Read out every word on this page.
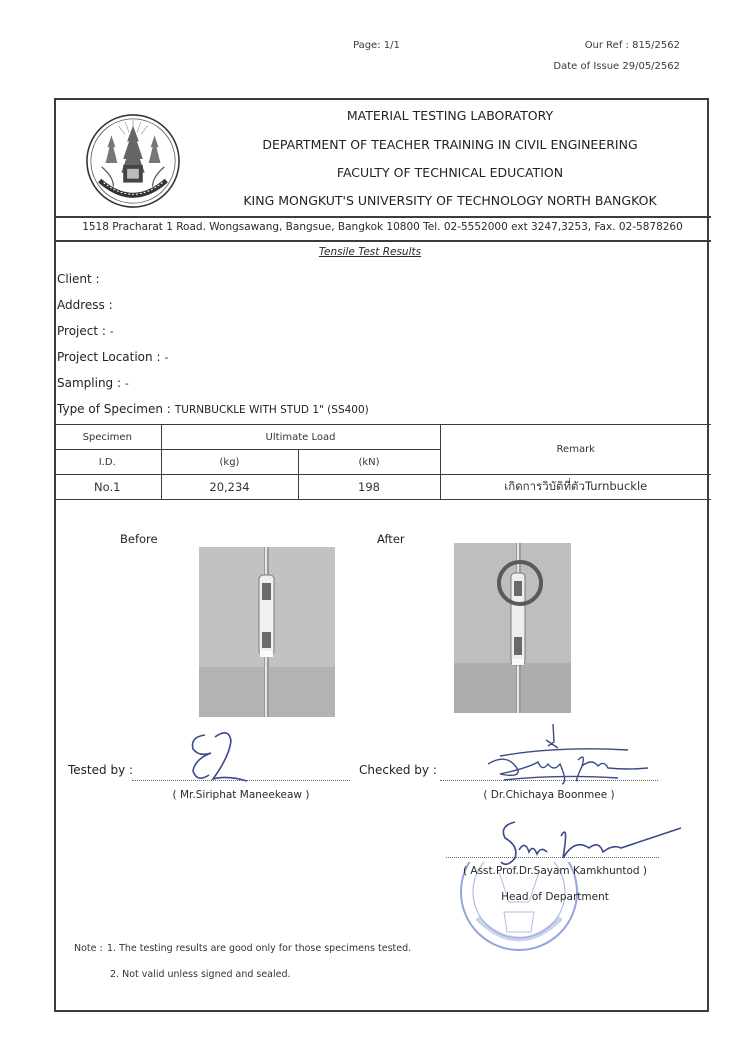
Page: 1/1	Our Ref : 815/2562
Date of Issue 29/05/2562
MATERIAL TESTING LABORATORY
DEPARTMENT OF TEACHER TRAINING IN CIVIL ENGINEERING
FACULTY OF TECHNICAL EDUCATION
KING MONGKUT'S UNIVERSITY OF TECHNOLOGY NORTH BANGKOK
1518 Pracharat 1 Road. Wongsawang, Bangsue, Bangkok 10800 Tel. 02-5552000 ext 3247,3253, Fax. 02-5878260
Tensile Test Results
Client :
Address :
Project : -
Project Location : -
Sampling : -
Type of Specimen : TURNBUCKLE WITH STUD 1" (SS400)
Specimen	Ultimate Load		Remark
I.D.	(kg)	(kN)	
No.1	20,234	198	เกิดการวิบัติที่ตัวTurnbuckle
Before	After
Tested by :
( Mr.Siriphat Maneekeaw )
Checked by :
( Dr.Chichaya Boonmee )
( Asst.Prof.Dr.Sayam Kamkhuntod )
Head of Department
Note : 1. The testing results are good only for those specimens tested.
2. Not valid unless signed and sealed.
